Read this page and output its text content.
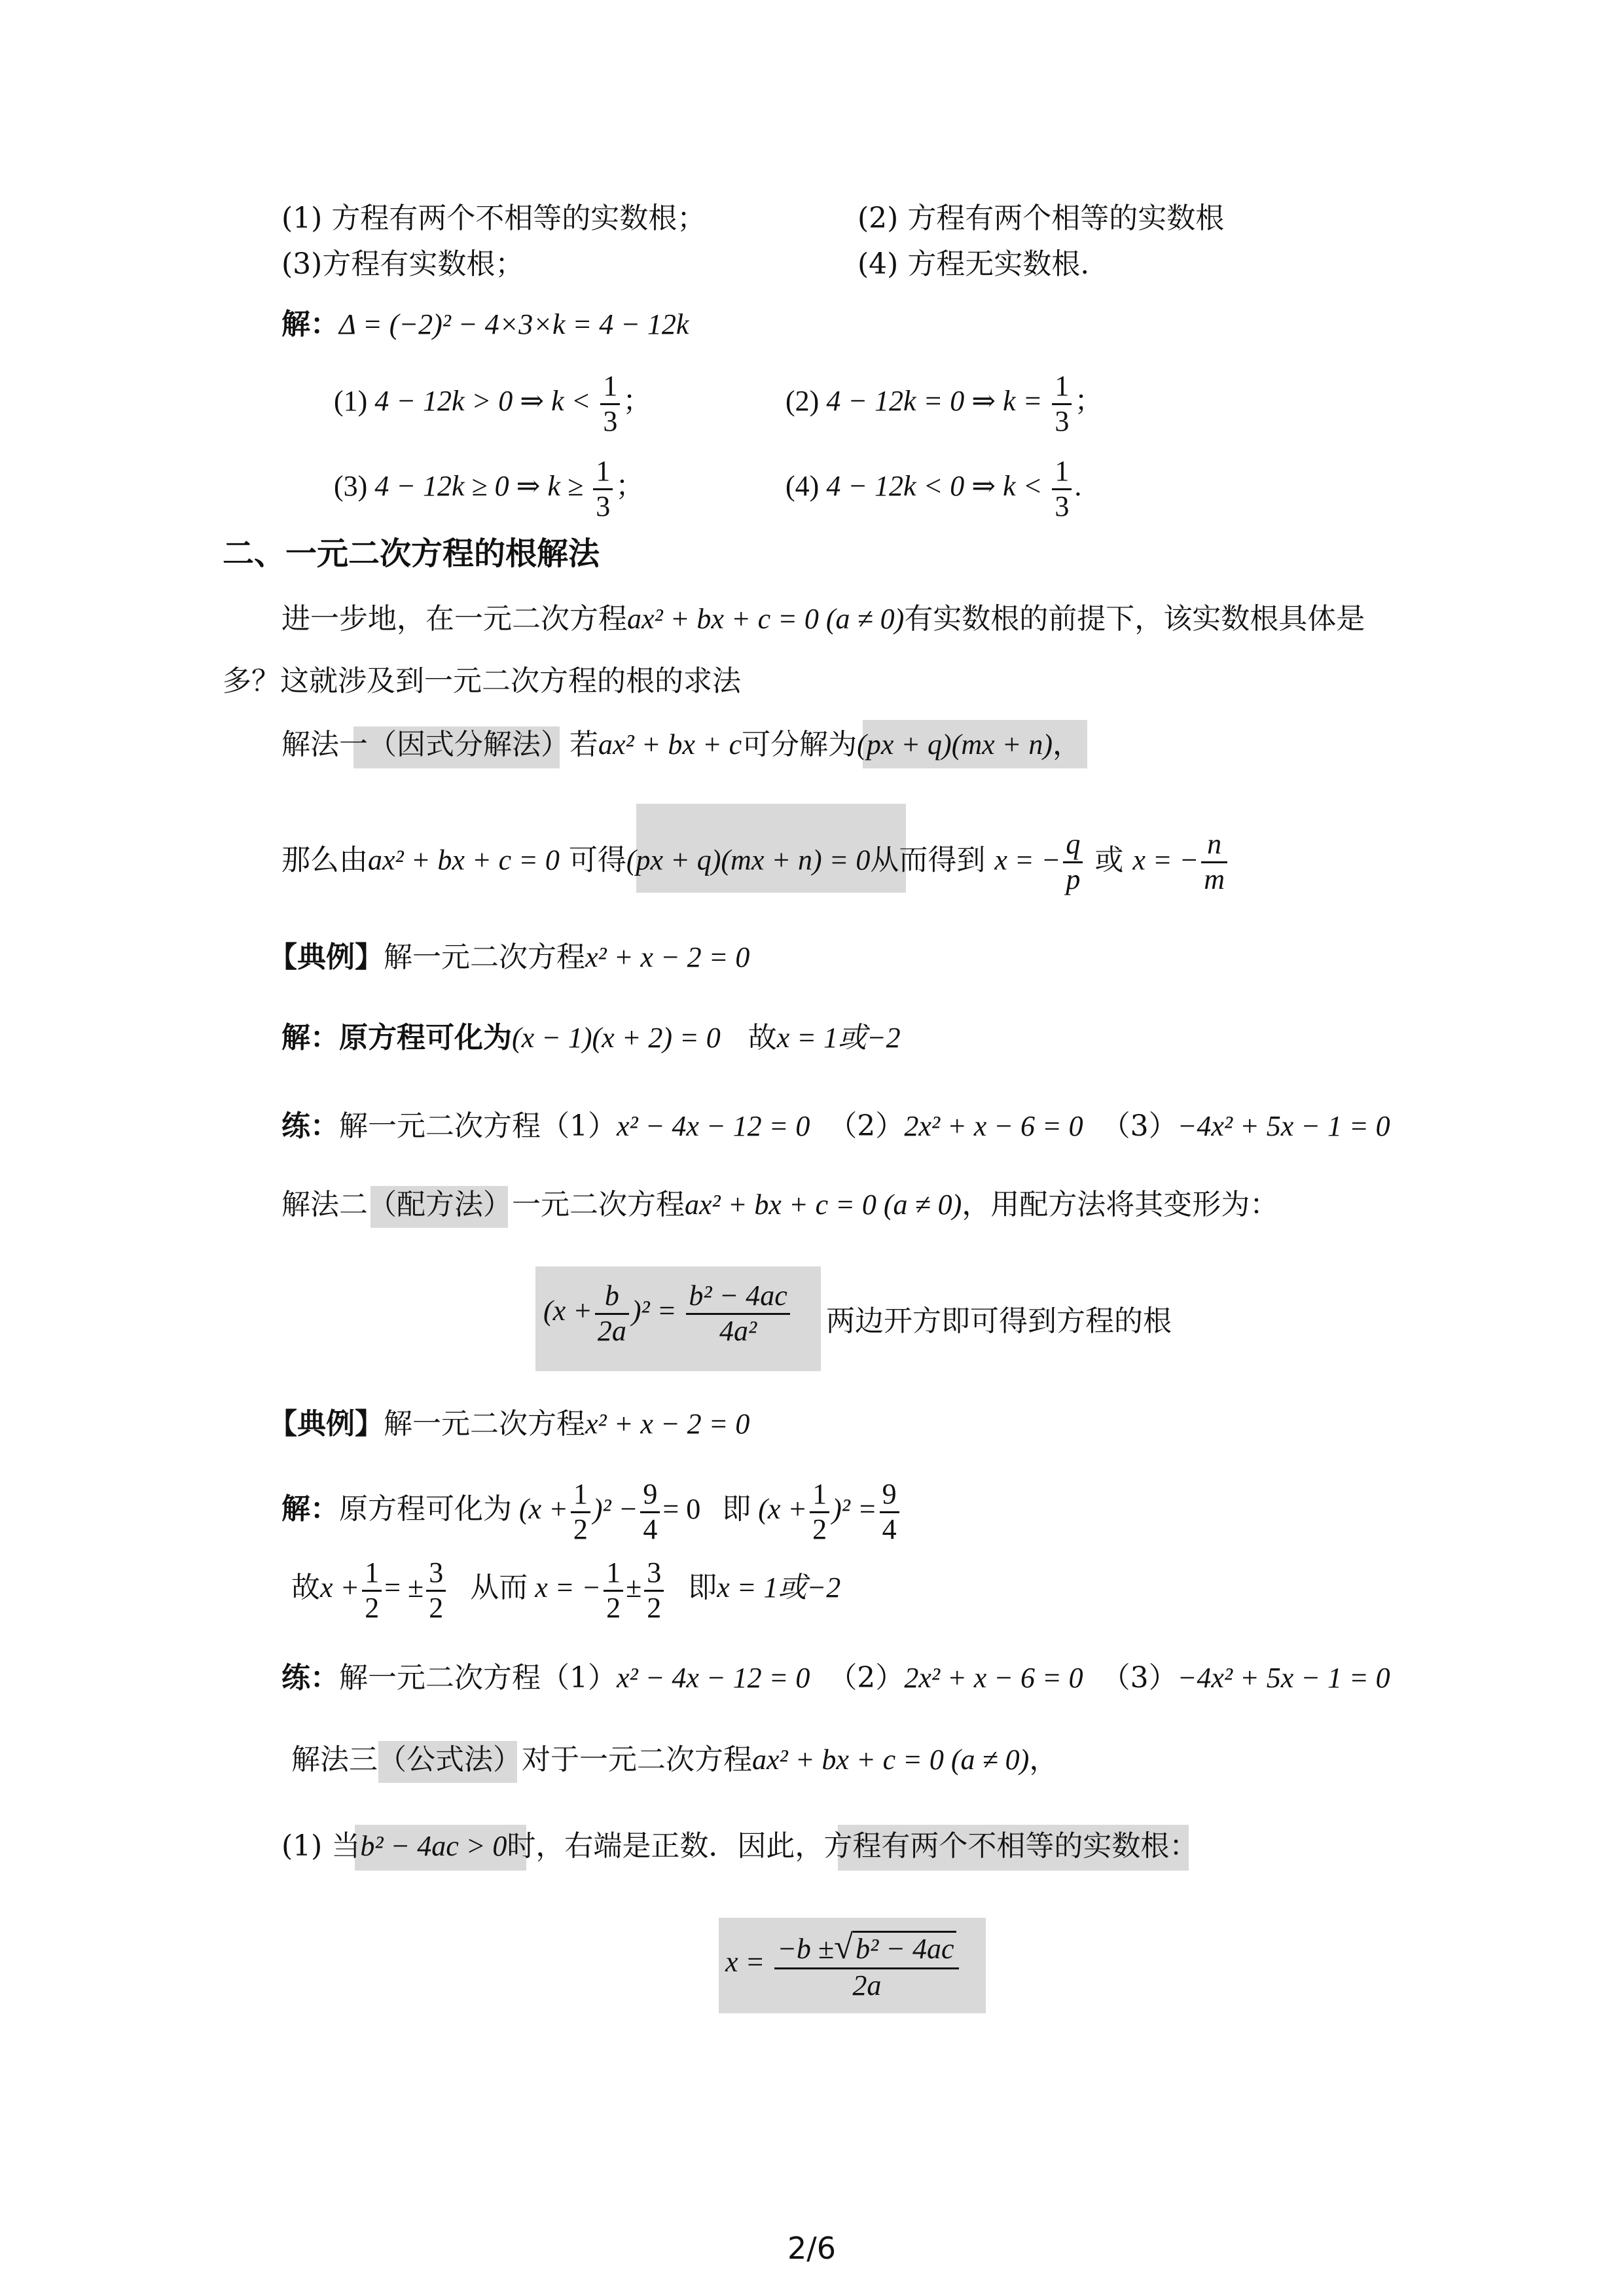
(1) 方程有两个不相等的实数根；	(2) 方程有两个相等的实数根
(3)方程有实数根；	(4) 方程无实数根.
解：Δ = (−2)² − 4×3×k = 4 − 12k
(1) 4 − 12k > 0 ⇒ $k < \frac{1}{3}$ ；	(2) 4 − 12k = 0 ⇒ $k = \frac{1}{3}$ ；
(3) 4 − 12k ≥ 0 ⇒ $k \ge \frac{1}{3}$ ；	(4) 4 − 12k < 0 ⇒ $k < \frac{1}{3}$ .
二、一元二次方程的根解法
进一步地，在一元二次方程ax² + bx + c = 0 (a ≠ 0)有实数根的前提下，该实数根具体是
多？这就涉及到一元二次方程的根的求法
解法一（因式分解法）若ax² + bx + c可分解为(px + q)(mx + n)，
那么由ax² + bx + c = 0 可得(px + q)(mx + n) = 0从而得到 x = − $\frac{q}{p}$ 或 x = − $\frac{n}{m}$
【典例】解一元二次方程x² + x − 2 = 0
解：原方程可化为(x − 1)(x + 2) = 0 故x = 1或−2
练：解一元二次方程（1）x² − 4x − 12 = 0 （2）2x² + x − 6 = 0 （3）−4x² + 5x − 1 = 0
解法二（配方法）一元二次方程ax² + bx + c = 0 (a ≠ 0)，用配方法将其变形为：
$(x + \frac{b}{2a} )^2 = \frac{\text{b² − 4ac}}{\text{4a²}}$ 两边开方即可得到方程的根
【典例】解一元二次方程x² + x − 2 = 0
解：原方程可化为 $(x + \frac{1}{2} )^2 - \frac{9}{4} = 0$ 即 $(x + \frac{1}{2} )^2 = \frac{9}{4}$
故$x + \frac{1}{2}$ = ± $\frac{3}{2}$ 从而 x = − $\frac{1}{2} \pm \frac{3}{2}$ 即x = 1或−2
练：解一元二次方程（1）x² − 4x − 12 = 0 （2）2x² + x − 6 = 0 （3）−4x² + 5x − 1 = 0
解法三（公式法）对于一元二次方程ax² + bx + c = 0 (a ≠ 0)，
(1) 当b² − 4ac > 0时，右端是正数．因此，方程有两个不相等的实数根：
$x = \frac{\text{−b ±√b² − 4ac}}{2a}$
2/6
